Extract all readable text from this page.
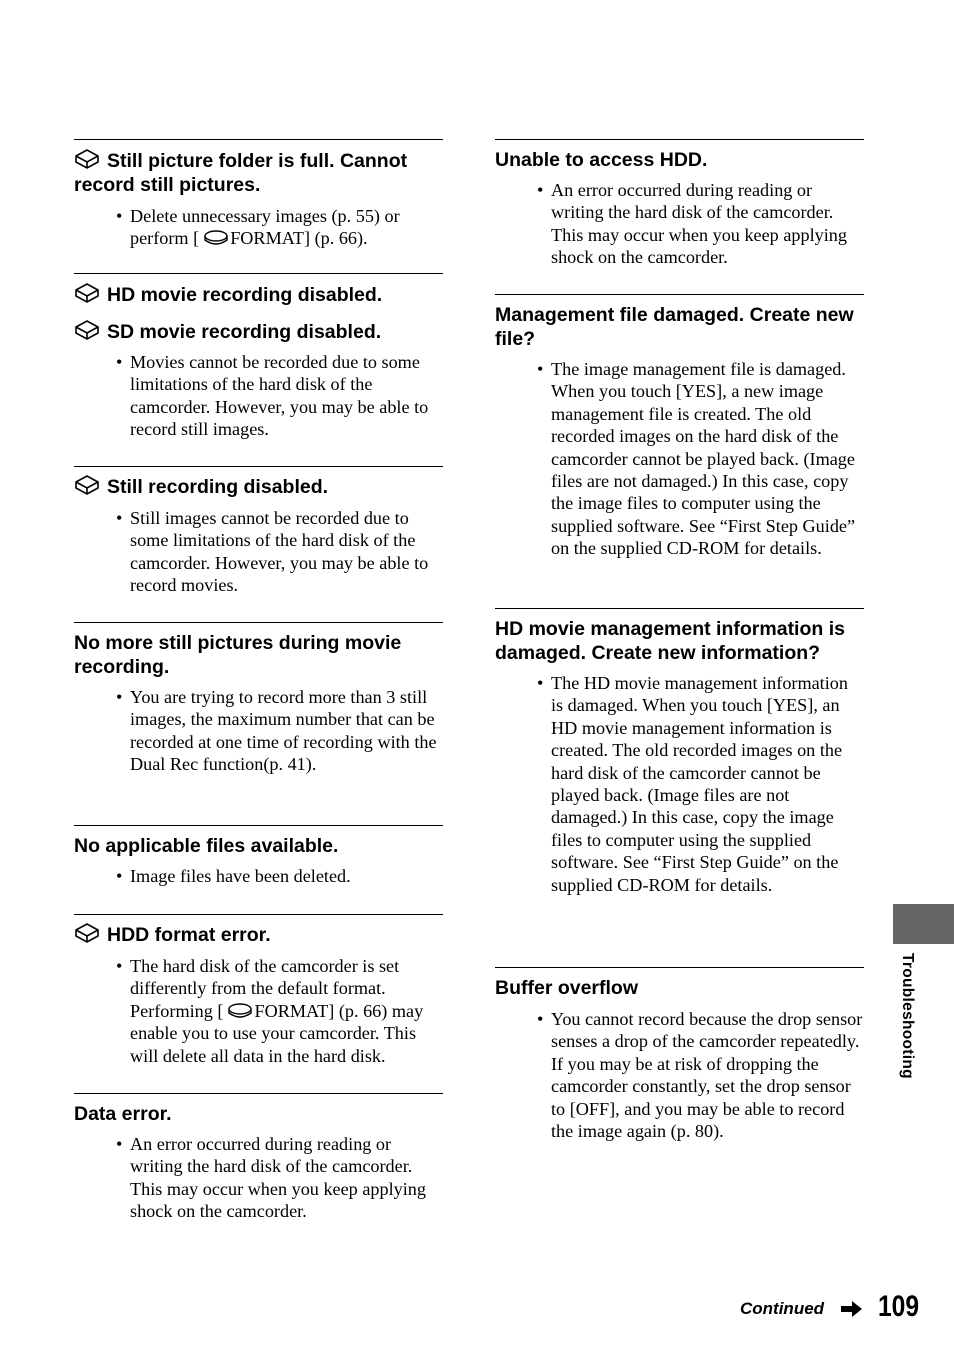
Still picture folder is full. Cannot record still pictures.

• Delete unnecessary images (p. 55) or perform [ FORMAT] (p. 66).

HD movie recording disabled.

SD movie recording disabled.

• Movies cannot be recorded due to some limitations of the hard disk of the camcorder. However, you may be able to record still images.

Still recording disabled.

• Still images cannot be recorded due to some limitations of the hard disk of the camcorder. However, you may be able to record movies.

No more still pictures during movie recording.

• You are trying to record more than 3 still images, the maximum number that can be recorded at one time of recording with the Dual Rec function(p. 41).

No applicable files available.

• Image files have been deleted.

HDD format error.

• The hard disk of the camcorder is set differently from the default format. Performing [ FORMAT] (p. 66) may enable you to use your camcorder. This will delete all data in the hard disk.

Data error.

• An error occurred during reading or writing the hard disk of the camcorder. This may occur when you keep applying shock on the camcorder.

Unable to access HDD.

• An error occurred during reading or writing the hard disk of the camcorder. This may occur when you keep applying shock on the camcorder.

Management file damaged. Create new file?

• The image management file is damaged. When you touch [YES], a new image management file is created. The old recorded images on the hard disk of the camcorder cannot be played back. (Image files are not damaged.) In this case, copy the image files to computer using the supplied software. See “First Step Guide” on the supplied CD-ROM for details.

HD movie management information is damaged. Create new information?

• The HD movie management information is damaged. When you touch [YES], an HD movie management information is created. The old recorded images on the hard disk of the camcorder cannot be played back. (Image files are not damaged.) In this case, copy the image files to computer using the supplied software. See “First Step Guide” on the supplied CD-ROM for details.

Buffer overflow

• You cannot record because the drop sensor senses a drop of the camcorder repeatedly. If you may be at risk of dropping the camcorder constantly, set the drop sensor to [OFF], and you may be able to record the image again (p. 80).

Troubleshooting
Continued 109
